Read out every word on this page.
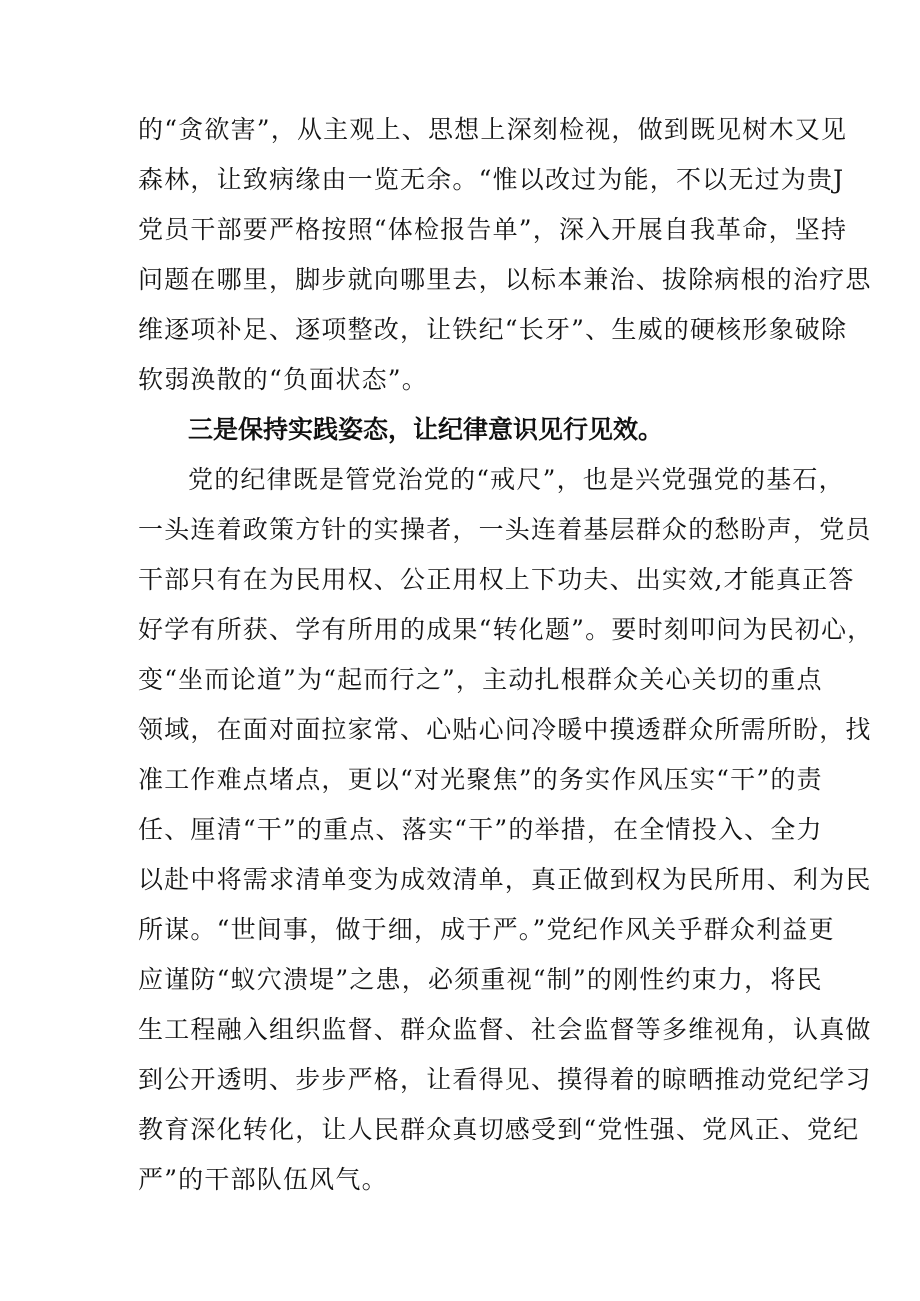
的“贪欲害”，从主观上、思想上深刻检视，做到既见树木又见
森林，让致病缘由一览无余。“惟以改过为能，不以无过为贵J
党员干部要严格按照“体检报告单”，深入开展自我革命，坚持
问题在哪里，脚步就向哪里去，以标本兼治、拔除病根的治疗思
维逐项补足、逐项整改，让铁纪“长牙”、生威的硬核形象破除
软弱涣散的“负面状态”。
三是保持实践姿态，让纪律意识见行见效。
党的纪律既是管党治党的“戒尺”，也是兴党强党的基石，
一头连着政策方针的实操者，一头连着基层群众的愁盼声，党员
干部只有在为民用权、公正用权上下功夫、出实效,才能真正答
好学有所获、学有所用的成果“转化题”。要时刻叩问为民初心，
变“坐而论道”为“起而行之”，主动扎根群众关心关切的重点
领域，在面对面拉家常、心贴心问冷暖中摸透群众所需所盼，找
准工作难点堵点，更以“对光聚焦”的务实作风压实“干”的责
任、厘清“干”的重点、落实“干”的举措，在全情投入、全力
以赴中将需求清单变为成效清单，真正做到权为民所用、利为民
所谋。“世间事，做于细，成于严。”党纪作风关乎群众利益更
应谨防“蚁穴溃堤”之患，必须重视“制”的刚性约束力，将民
生工程融入组织监督、群众监督、社会监督等多维视角，认真做
到公开透明、步步严格，让看得见、摸得着的晾晒推动党纪学习
教育深化转化，让人民群众真切感受到“党性强、党风正、党纪
严”的干部队伍风气。
